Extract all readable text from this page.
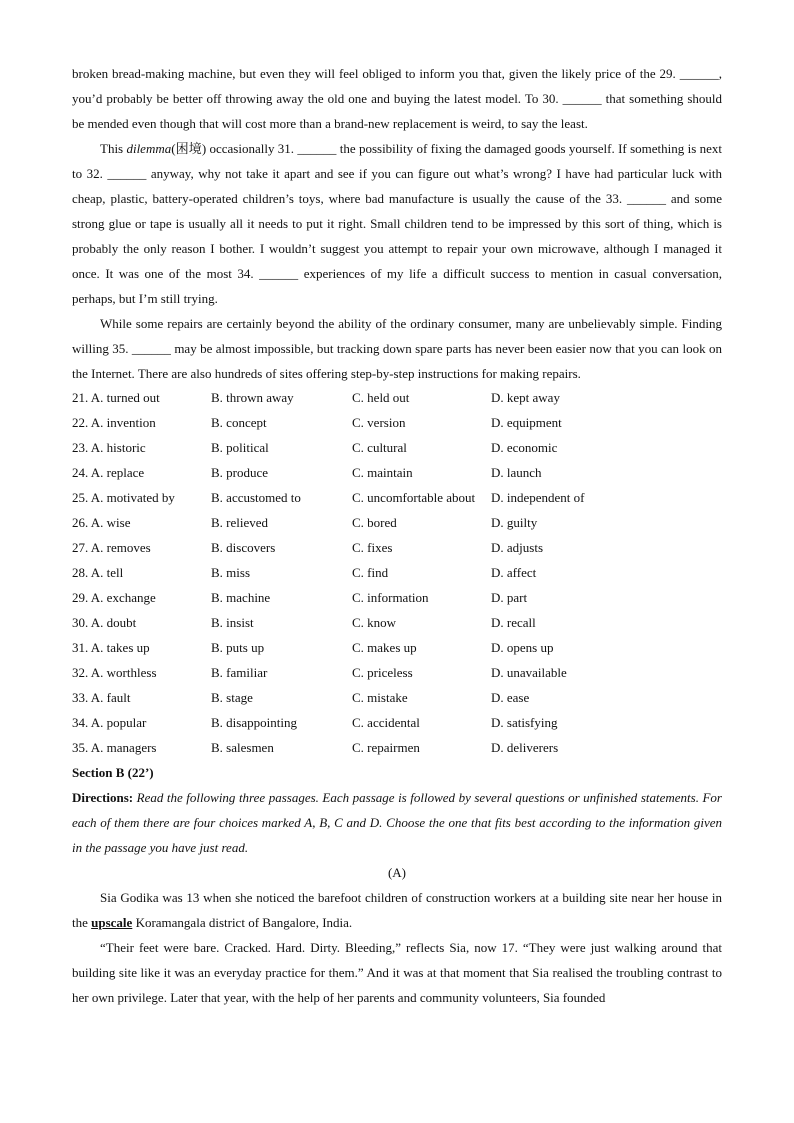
broken bread-making machine, but even they will feel obliged to inform you that, given the likely price of the 29. ______, you’d probably be better off throwing away the old one and buying the latest model. To 30. ______ that something should be mended even though that will cost more than a brand-new replacement is weird, to say the least.
This dilemma(困境) occasionally 31. ______ the possibility of fixing the damaged goods yourself. If something is next to 32. ______ anyway, why not take it apart and see if you can figure out what’s wrong? I have had particular luck with cheap, plastic, battery-operated children’s toys, where bad manufacture is usually the cause of the 33. ______ and some strong glue or tape is usually all it needs to put it right. Small children tend to be impressed by this sort of thing, which is probably the only reason I bother. I wouldn’t suggest you attempt to repair your own microwave, although I managed it once. It was one of the most 34. ______ experiences of my life a difficult success to mention in casual conversation, perhaps, but I’m still trying.
While some repairs are certainly beyond the ability of the ordinary consumer, many are unbelievably simple. Finding willing 35. ______ may be almost impossible, but tracking down spare parts has never been easier now that you can look on the Internet. There are also hundreds of sites offering step-by-step instructions for making repairs.
21. A. turned out	B. thrown away	C. held out	D. kept away
22. A. invention	B. concept	C. version	D. equipment
23. A. historic	B. political	C. cultural	D. economic
24. A. replace	B. produce	C. maintain	D. launch
25. A. motivated by	B. accustomed to	C. uncomfortable about D. independent of
26. A. wise	B. relieved	C. bored	D. guilty
27. A. removes	B. discovers	C. fixes	D. adjusts
28. A. tell	B. miss	C. find	D. affect
29. A. exchange	B. machine	C. information	D. part
30. A. doubt	B. insist	C. know	D. recall
31. A. takes up	B. puts up	C. makes up	D. opens up
32. A. worthless	B. familiar	C. priceless	D. unavailable
33. A. fault	B. stage	C. mistake	D. ease
34. A. popular	B. disappointing	C. accidental	D. satisfying
35. A. managers	B. salesmen	C. repairmen	D. deliverers
Section B (22’)
Directions: Read the following three passages. Each passage is followed by several questions or unfinished statements. For each of them there are four choices marked A, B, C and D. Choose the one that fits best according to the information given in the passage you have just read.
(A)
Sia Godika was 13 when she noticed the barefoot children of construction workers at a building site near her house in the upscale Koramangala district of Bangalore, India.
“Their feet were bare. Cracked. Hard. Dirty. Bleeding,” reflects Sia, now 17. “They were just walking around that building site like it was an everyday practice for them.” And it was at that moment that Sia realised the troubling contrast to her own privilege. Later that year, with the help of her parents and community volunteers, Sia founded
